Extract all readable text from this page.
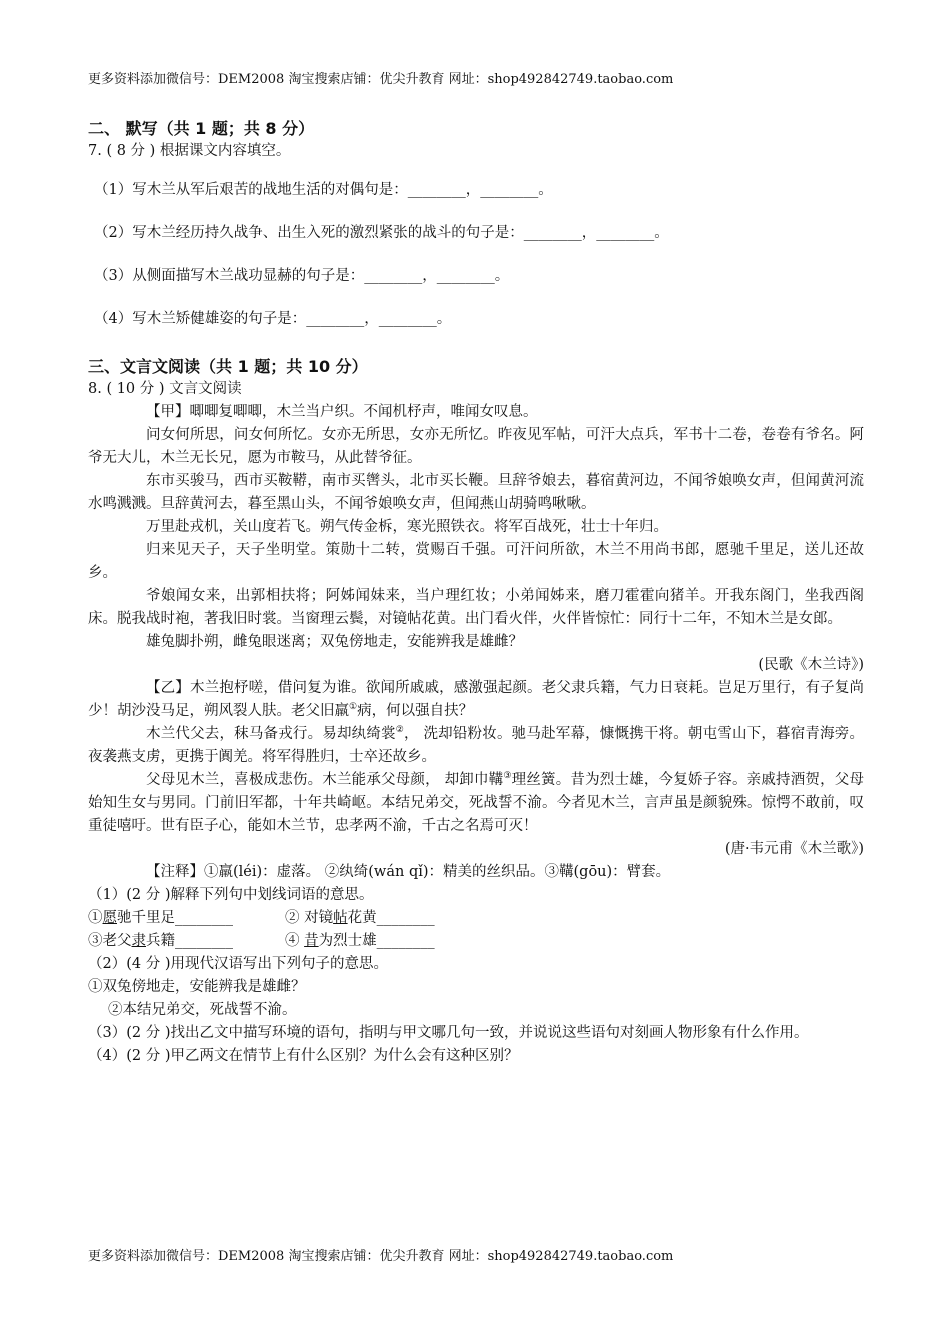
更多资料添加微信号：DEM2008 淘宝搜索店铺：优尖升教育 网址：shop492842749.taobao.com
二、 默写（共 1 题；共 8 分）
7. ( 8 分 ) 根据课文内容填空。
（1）写木兰从军后艰苦的战地生活的对偶句是：________，________。
（2）写木兰经历持久战争、出生入死的激烈紧张的战斗的句子是：________，________。
（3）从侧面描写木兰战功显赫的句子是：________，________。
（4）写木兰矫健雄姿的句子是：________，________。
三、文言文阅读（共 1 题；共 10 分）
8. ( 10 分 ) 文言文阅读
【甲】唧唧复唧唧，木兰当户织。不闻机杼声，唯闻女叹息。
问女何所思，问女何所忆。女亦无所思，女亦无所忆。昨夜见军帖，可汗大点兵，军书十二卷，卷卷有爷名。阿爷无大儿，木兰无长兄，愿为市鞍马，从此替爷征。
东市买骏马，西市买鞍鞯，南市买辔头，北市买长鞭。旦辞爷娘去，暮宿黄河边，不闻爷娘唤女声，但闻黄河流水鸣溅溅。旦辞黄河去，暮至黑山头，不闻爷娘唤女声，但闻燕山胡骑鸣啾啾。
万里赴戎机，关山度若飞。朔气传金柝，寒光照铁衣。将军百战死，壮士十年归。
归来见天子，天子坐明堂。策勋十二转，赏赐百千强。可汗问所欲，木兰不用尚书郎，愿驰千里足，送儿还故乡。
爷娘闻女来，出郭相扶将；阿姊闻妹来，当户理红妆；小弟闻姊来，磨刀霍霍向猪羊。开我东阁门，坐我西阁床。脱我战时袍，著我旧时裳。当窗理云鬓，对镜帖花黄。出门看火伴，火伴皆惊忙：同行十二年，不知木兰是女郎。
雄兔脚扑朔，雌兔眼迷离；双兔傍地走，安能辨我是雄雌？
(民歌《木兰诗》)
【乙】木兰抱杼嗟，借问复为谁。欲闻所戚戚，感激强起颜。老父隶兵籍，气力日衰耗。岂足万里行，有子复尚少！胡沙没马足，朔风裂人肤。老父旧羸①病，何以强自扶？
木兰代父去，秣马备戎行。易却纨绮裳②， 洗却铅粉妆。驰马赴军幕，慷慨携干将。朝屯雪山下，暮宿青海旁。夜袭燕支虏，更携于阗羌。将军得胜归，士卒还故乡。
父母见木兰，喜极成悲伤。木兰能承父母颜， 却卸巾鞲③理丝簧。昔为烈士雄，今复娇子容。亲戚持酒贺，父母始知生女与男同。门前旧军都，十年共崎岖。本结兄弟交，死战誓不渝。今者见木兰，言声虽是颜貌殊。惊愕不敢前，叹重徒嘻吁。世有臣子心，能如木兰节，忠孝两不渝，千古之名焉可灭！
(唐·韦元甫《木兰歌》)
【注释】①羸(léi)：虚落。 ②纨绮(wán qǐ)：精美的丝织品。③鞲(gōu)：臂套。
（1）(2 分 )解释下列句中划线词语的意思。
①愿驰千里足________	② 对镜帖花黄________
③老父隶兵籍________	④ 昔为烈士雄________
（2）(4 分 )用现代汉语写出下列句子的意思。
①双兔傍地走，安能辨我是雄雌？
②本结兄弟交，死战誓不渝。
（3）(2 分 )找出乙文中描写环境的语句，指明与甲文哪几句一致，并说说这些语句对刻画人物形象有什么作用。
（4）(2 分 )甲乙两文在情节上有什么区别？为什么会有这种区别？
更多资料添加微信号：DEM2008 淘宝搜索店铺：优尖升教育 网址：shop492842749.taobao.com
